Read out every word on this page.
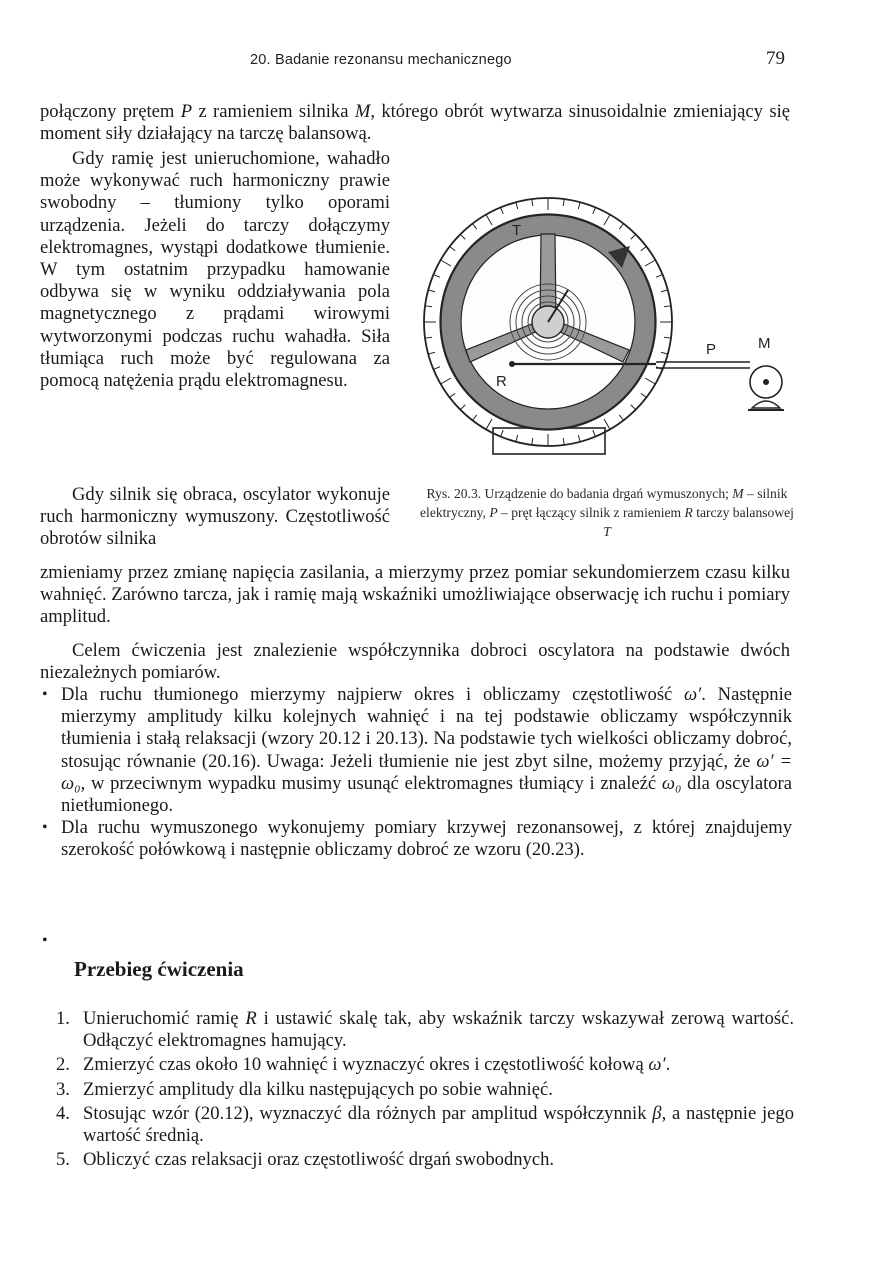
20. Badanie rezonansu mechanicznego	79

połączony prętem P z ramieniem silnika M, którego obrót wytwarza sinusoidalnie zmieniający się moment siły działający na tarczę balansową.

Gdy ramię jest unieruchomione, wahadło może wykonywać ruch harmoniczny prawie swobodny – tłumiony tylko oporami urządzenia. Jeżeli do tarczy dołączymy elektromagnes, wystąpi dodatkowe tłumienie. W tym ostatnim przypadku hamowanie odbywa się w wyniku oddziaływania pola magnetycznego z prądami wirowymi wytworzonymi podczas ruchu wahadła. Siła tłumiąca ruch może być regulowana za pomocą natężenia prądu elektromagnesu.

Gdy silnik się obraca, oscylator wykonuje ruch harmoniczny wymuszony. Częstotliwość obrotów silnika

zmieniamy przez zmianę napięcia zasilania, a mierzymy przez pomiar sekundomierzem czasu kilku wahnięć. Zarówno tarcza, jak i ramię mają wskaźniki umożliwiające obserwację ich ruchu i pomiary amplitud.

Celem ćwiczenia jest znalezienie współczynnika dobroci oscylatora na podstawie dwóch niezależnych pomiarów.

• Dla ruchu tłumionego mierzymy najpierw okres i obliczamy częstotliwość ω′. Następnie mierzymy amplitudy kilku kolejnych wahnięć i na tej podstawie obliczamy współczynnik tłumienia i stałą relaksacji (wzory 20.12 i 20.13). Na podstawie tych wielkości obliczamy dobroć, stosując równanie (20.16). Uwaga: Jeżeli tłumienie nie jest zbyt silne, możemy przyjąć, że ω′ = ω₀, w przeciwnym wypadku musimy usunąć elektromagnes tłumiący i znaleźć ω₀ dla oscylatora nietłumionego.
• Dla ruchu wymuszonego wykonujemy pomiary krzywej rezonansowej, z której znajdujemy szerokość połówkową i następnie obliczamy dobroć ze wzoru (20.23).
•
Przebieg ćwiczenia
1. Unieruchomić ramię R i ustawić skalę tak, aby wskaźnik tarczy wskazywał zerową wartość. Odłączyć elektromagnes hamujący.
2. Zmierzyć czas około 10 wahnięć i wyznaczyć okres i częstotliwość kołową ω′.
3. Zmierzyć amplitudy dla kilku następujących po sobie wahnięć.
4. Stosując wzór (20.12), wyznaczyć dla różnych par amplitud współczynnik β, a następnie jego wartość średnią.
5. Obliczyć czas relaksacji oraz częstotliwość drgań swobodnych.
T
R
P	M
Rys. 20.3. Urządzenie do badania drgań wymuszonych; M – silnik elektryczny, P – pręt łączący silnik z ramieniem R tarczy balansowej T
